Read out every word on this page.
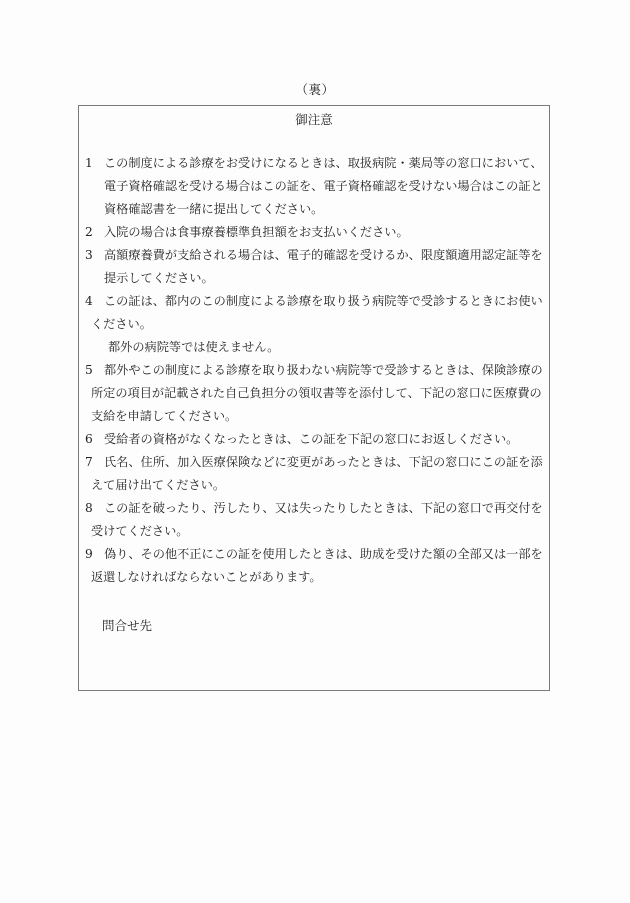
（裏）
御注意
1 この制度による診療をお受けになるときは、取扱病院・薬局等の窓口において、
電子資格確認を受ける場合はこの証を、電子資格確認を受けない場合はこの証と
資格確認書を一緒に提出してください。
2 入院の場合は食事療養標準負担額をお支払いください。
3 高額療養費が支給される場合は、電子的確認を受けるか、限度額適用認定証等を
提示してください。
4 この証は、都内のこの制度による診療を取り扱う病院等で受診するときにお使い
ください。
都外の病院等では使えません。
5 都外やこの制度による診療を取り扱わない病院等で受診するときは、保険診療の
所定の項目が記載された自己負担分の領収書等を添付して、下記の窓口に医療費の
支給を申請してください。
6 受給者の資格がなくなったときは、この証を下記の窓口にお返しください。
7 氏名、住所、加入医療保険などに変更があったときは、下記の窓口にこの証を添
えて届け出てください。
8 この証を破ったり、汚したり、又は失ったりしたときは、下記の窓口で再交付を
受けてください。
9 偽り、その他不正にこの証を使用したときは、助成を受けた額の全部又は一部を
返還しなければならないことがあります。
問合せ先
